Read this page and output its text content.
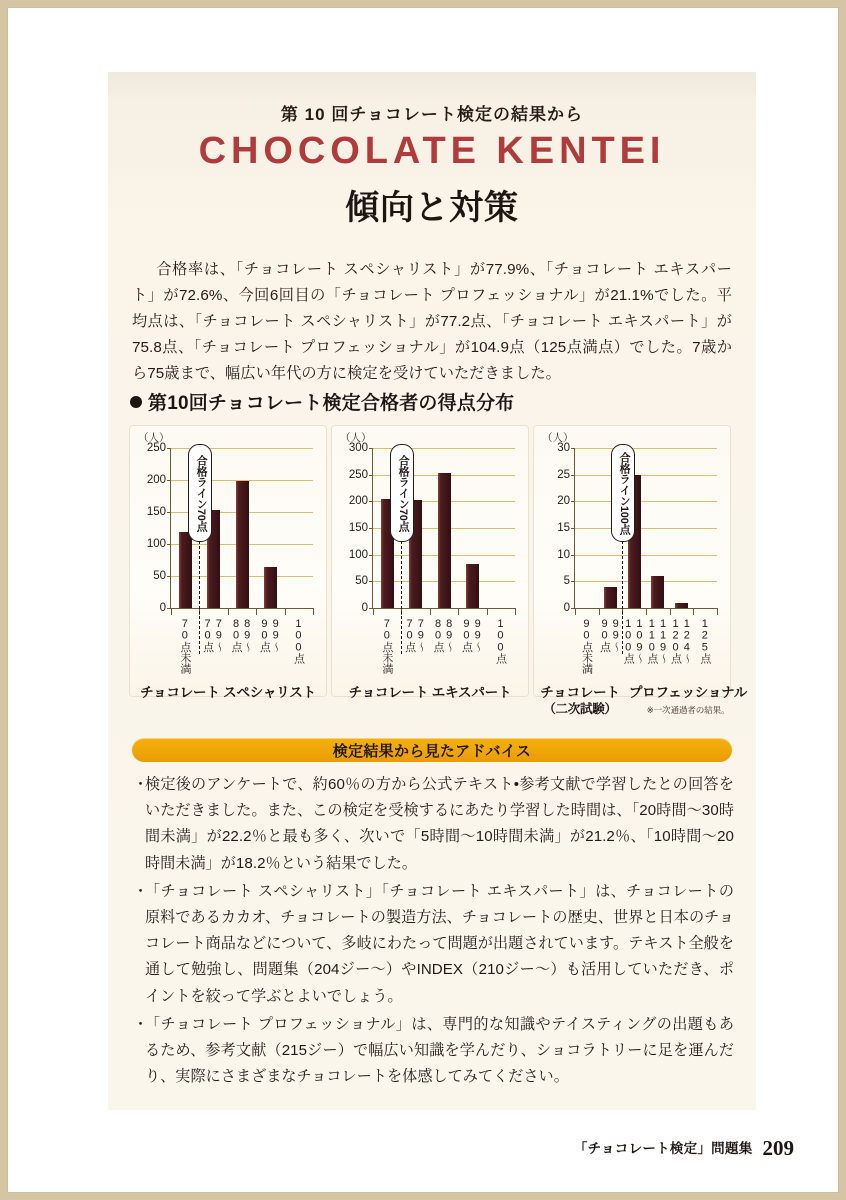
第 10 回チョコレート検定の結果から
CHOCOLATE KENTEI
傾向と対策

合格率は、「チョコレート スペシャリスト」が77.9%、「チョコレート エキスパート」が72.6%、今回6回目の「チョコレート プロフェッショナル」が21.1%でした。平均点は、「チョコレート スペシャリスト」が77.2点、「チョコレート エキスパート」が75.8点、「チョコレート プロフェッショナル」が104.9点（125点満点）でした。7歳から75歳まで、幅広い年代の方に検定を受けていただきました。

第10回チョコレート検定合格者の得点分布
（人）
0
50
100
150
200
250
合格ライン70点
70点未満	79〜70点	89〜80点	99〜90点	100点
（人）
0
50
100
150
200
250
300
合格ライン70点
70点未満	79〜70点	89〜80点	99〜90点	100点
（人）
0
5
10
15
20
25
30
合格ライン100点
90点未満	99〜90点	109〜100点	119〜110点	124〜120点	125点
チョコレート スペシャリスト	チョコレート エキスパート	チョコレート
（二次試験）
プロフェッショナル
※一次通過者の結果。
検定結果から見たアドバイス
・
検定後のアンケートで、約60％の方から公式テキスト•参考文献で学習したとの回答をいただきました。また、この検定を受検するにあたり学習した時間は、「20時間〜30時間未満」が22.2％と最も多く、次いで「5時間〜10時間未満」が21.2％、「10時間〜20時間未満」が18.2％という結果でした。
・
「チョコレート スペシャリスト」「チョコレート エキスパート」は、チョコレートの原料であるカカオ、チョコレートの製造方法、チョコレートの歴史、世界と日本のチョコレート商品などについて、多岐にわたって問題が出題されています。テキスト全般を通して勉強し、問題集（204ジー〜）やINDEX（210ジー〜）も活用していただき、ポイントを絞って学ぶとよいでしょう。
・
「チョコレート プロフェッショナル」は、専門的な知識やテイスティングの出題もあるため、参考文献（215ジー）で幅広い知識を学んだり、ショコラトリーに足を運んだり、実際にさまざまなチョコレートを体感してみてください。
「チョコレート検定」問題集 209
